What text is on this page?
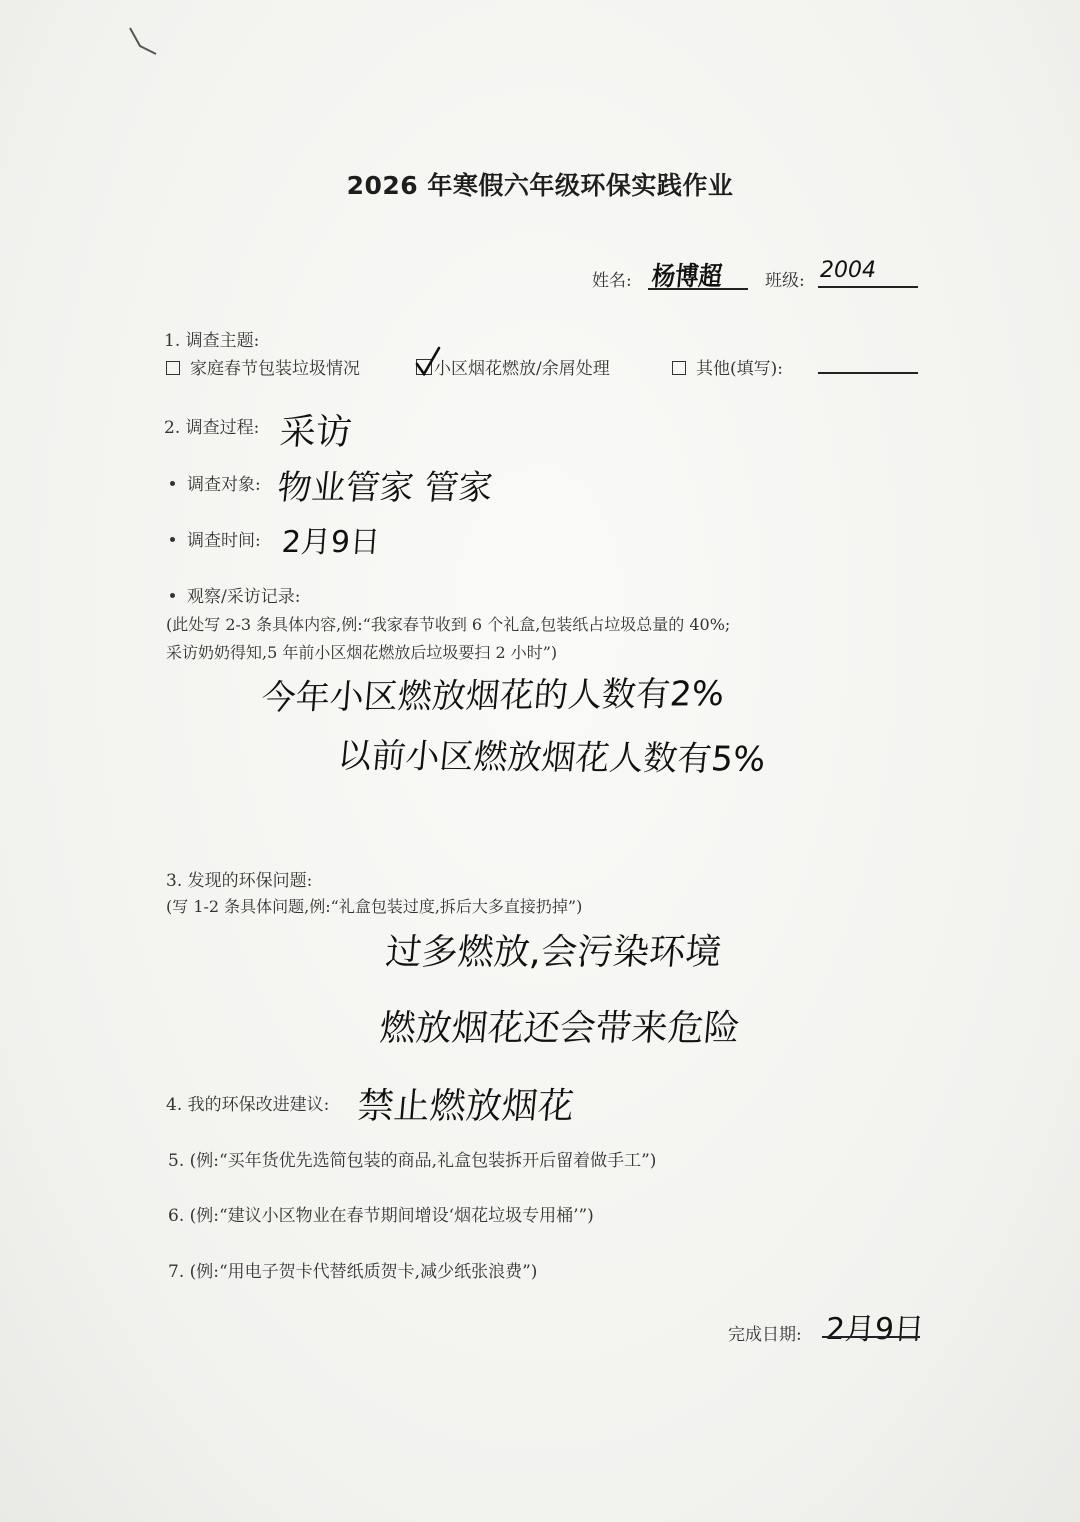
2026 年寒假六年级环保实践作业
姓名: 杨博超 班级: 2004
1. 调查主题:
家庭春节包装垃圾情况	小区烟花燃放/余屑处理	其他(填写):
2. 调查过程: 采访
调查对象: 物业管家 管家
调查时间: 2月9日
观察/采访记录:
(此处写 2-3 条具体内容,例:“我家春节收到 6 个礼盒,包装纸占垃圾总量的 40%;
采访奶奶得知,5 年前小区烟花燃放后垃圾要扫 2 小时”)
今年小区燃放烟花的人数有2%
以前小区燃放烟花人数有5%
3. 发现的环保问题:
(写 1-2 条具体问题,例:“礼盒包装过度,拆后大多直接扔掉”)
过多燃放,会污染环境
燃放烟花还会带来危险
4. 我的环保改进建议: 禁止燃放烟花
5. (例:“买年货优先选简包装的商品,礼盒包装拆开后留着做手工”)
6. (例:“建议小区物业在春节期间增设‘烟花垃圾专用桶’”)
7. (例:“用电子贺卡代替纸质贺卡,减少纸张浪费”)
完成日期: 2月9日
